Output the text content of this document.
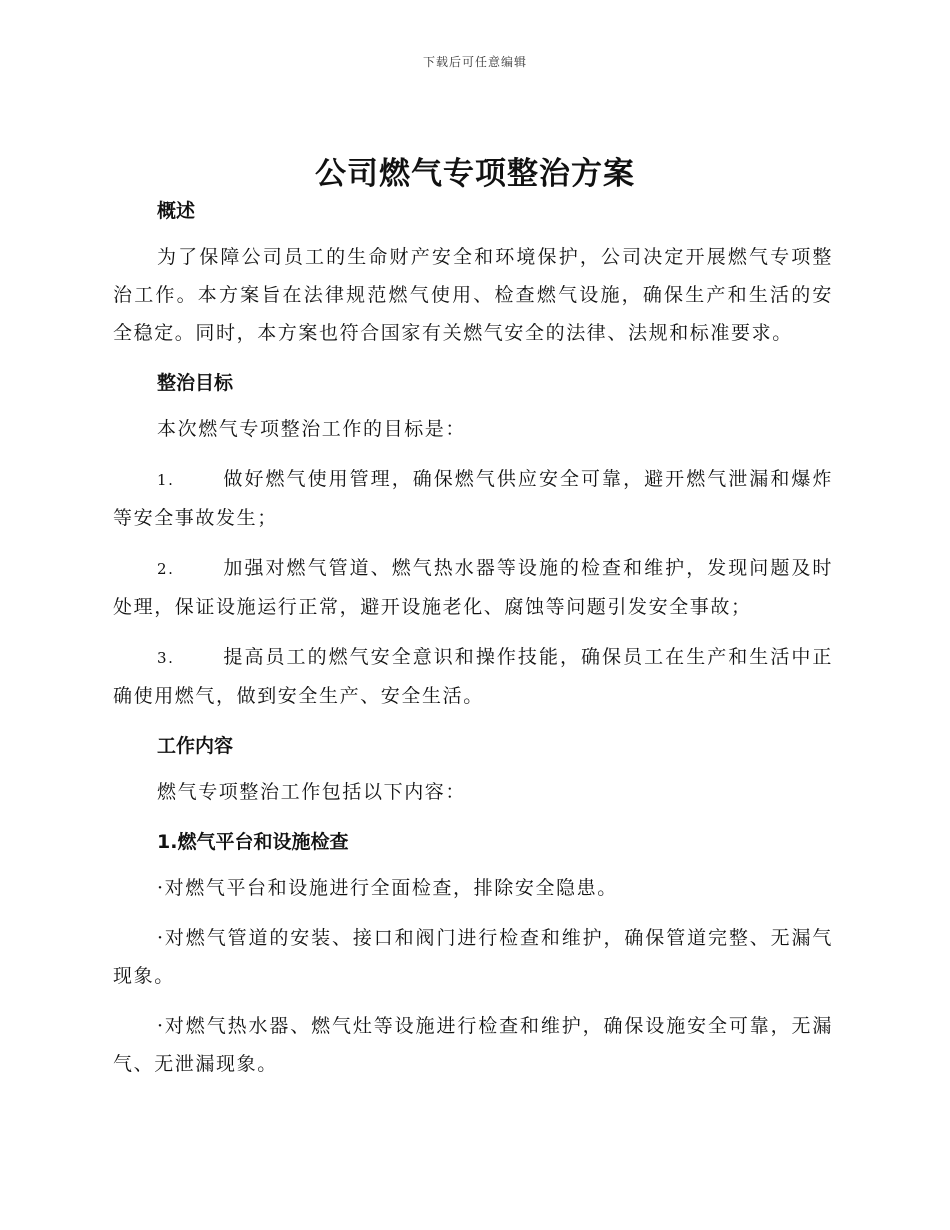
下载后可任意编辑
公司燃气专项整治方案
概述

为了保障公司员工的生命财产安全和环境保护，公司决定开展燃气专项整治工作。本方案旨在法律规范燃气使用、检查燃气设施，确保生产和生活的安全稳定。同时，本方案也符合国家有关燃气安全的法律、法规和标准要求。

整治目标

本次燃气专项整治工作的目标是：

1.	做好燃气使用管理，确保燃气供应安全可靠，避开燃气泄漏和爆炸等安全事故发生；

2.	加强对燃气管道、燃气热水器等设施的检查和维护，发现问题及时处理，保证设施运行正常，避开设施老化、腐蚀等问题引发安全事故；

3.	提高员工的燃气安全意识和操作技能，确保员工在生产和生活中正确使用燃气，做到安全生产、安全生活。

工作内容

燃气专项整治工作包括以下内容：

1.燃气平台和设施检查

·对燃气平台和设施进行全面检查，排除安全隐患。

·对燃气管道的安装、接口和阀门进行检查和维护，确保管道完整、无漏气现象。

·对燃气热水器、燃气灶等设施进行检查和维护，确保设施安全可靠，无漏气、无泄漏现象。
